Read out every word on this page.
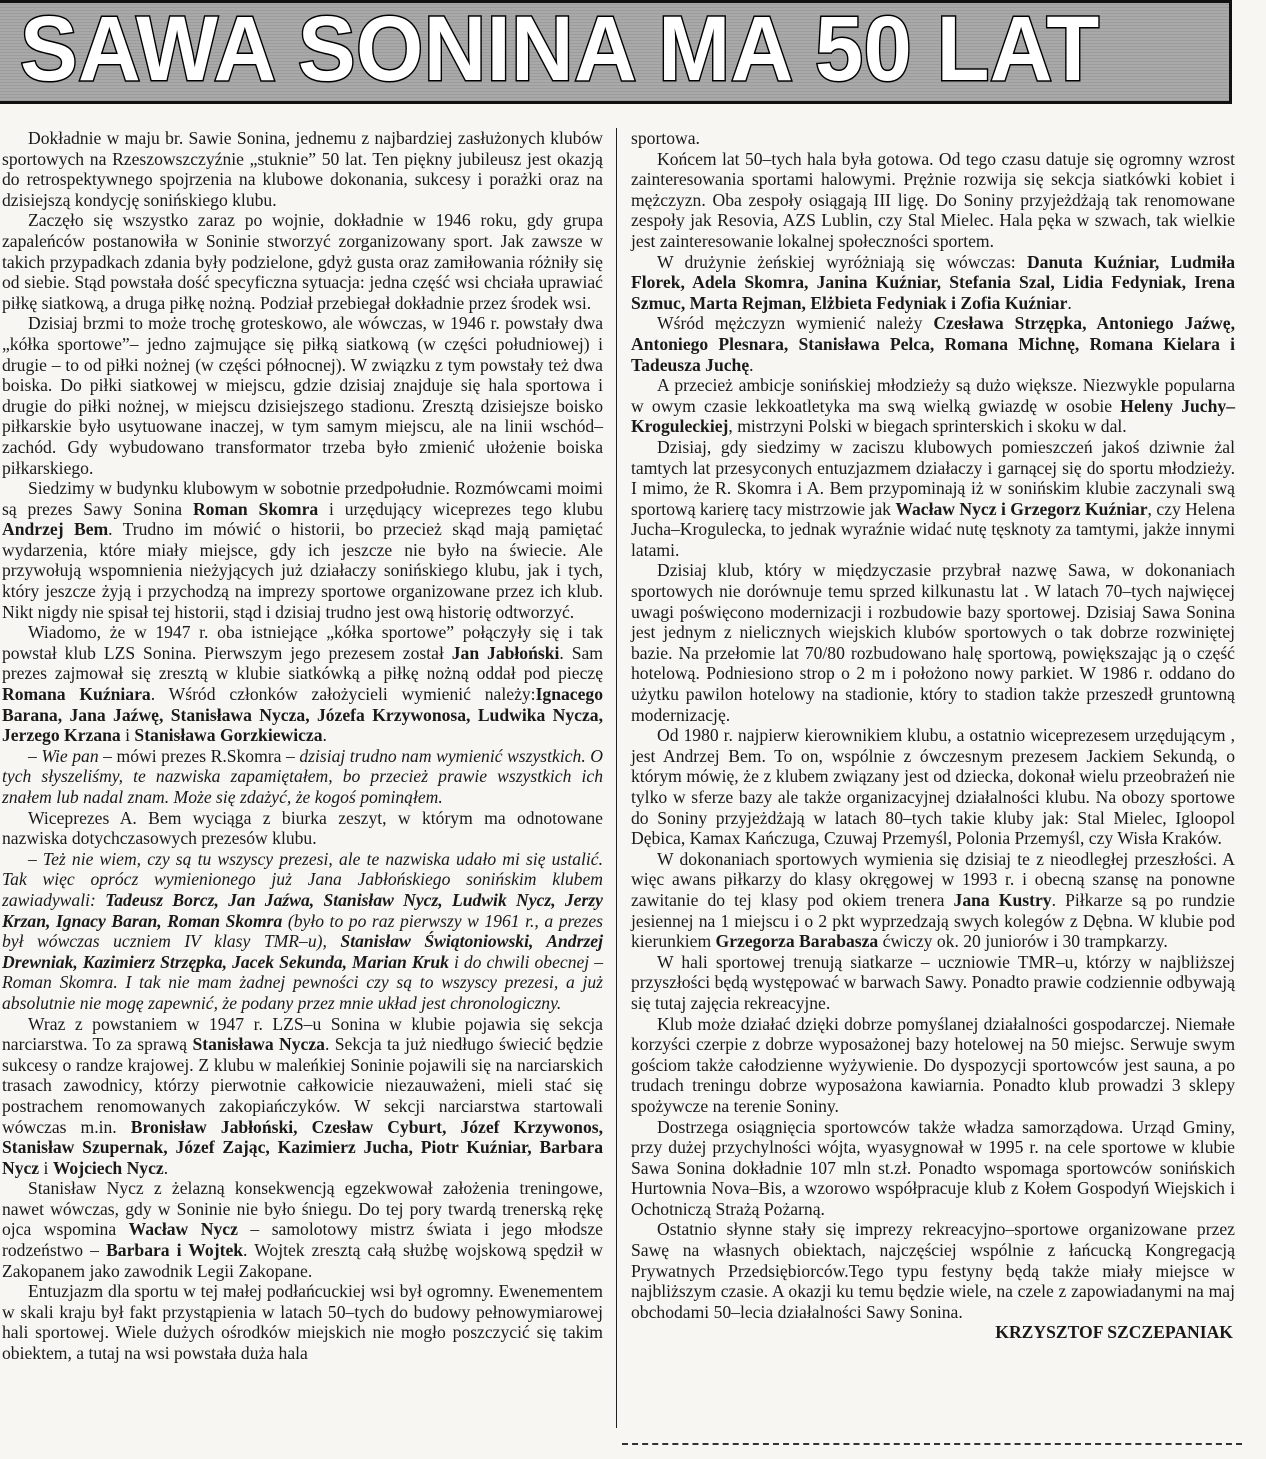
SAWA SONINA MA 50 LAT

Dokładnie w maju br. Sawie Sonina, jednemu z najbardziej zasłużonych klubów sportowych na Rzeszowszczyźnie „stuknie” 50 lat. Ten piękny jubileusz jest okazją do retrospektywnego spojrzenia na klubowe dokonania, sukcesy i porażki oraz na dzisiejszą kondycję sonińskiego klubu.

Zaczęło się wszystko zaraz po wojnie, dokładnie w 1946 roku, gdy grupa zapaleńców postanowiła w Soninie stworzyć zorganizowany sport. Jak zawsze w takich przypadkach zdania były podzielone, gdyż gusta oraz zamiłowania różniły się od siebie. Stąd powstała dość specyficzna sytuacja: jedna część wsi chciała uprawiać piłkę siatkową, a druga piłkę nożną. Podział przebiegał dokładnie przez środek wsi.

Dzisiaj brzmi to może trochę groteskowo, ale wówczas, w 1946 r. powstały dwa „kółka sportowe”– jedno zajmujące się piłką siatkową (w części południowej) i drugie – to od piłki nożnej (w części północnej). W związku z tym powstały też dwa boiska. Do piłki siatkowej w miejscu, gdzie dzisiaj znajduje się hala sportowa i drugie do piłki nożnej, w miejscu dzisiejszego stadionu. Zresztą dzisiejsze boisko piłkarskie było usytuowane inaczej, w tym samym miejscu, ale na linii wschód–zachód. Gdy wybudowano transformator trzeba było zmienić ułożenie boiska piłkarskiego.

Siedzimy w budynku klubowym w sobotnie przedpołudnie. Rozmówcami moimi są prezes Sawy Sonina Roman Skomra i urzędujący wiceprezes tego klubu Andrzej Bem. Trudno im mówić o historii, bo przecież skąd mają pamiętać wydarzenia, które miały miejsce, gdy ich jeszcze nie było na świecie. Ale przywołują wspomnienia nieżyjących już działaczy sonińskiego klubu, jak i tych, który jeszcze żyją i przychodzą na imprezy sportowe organizowane przez ich klub. Nikt nigdy nie spisał tej historii, stąd i dzisiaj trudno jest ową historię odtworzyć.

Wiadomo, że w 1947 r. oba istniejące „kółka sportowe” połączyły się i tak powstał klub LZS Sonina. Pierwszym jego prezesem został Jan Jabłoński. Sam prezes zajmował się zresztą w klubie siatkówką a piłkę nożną oddał pod pieczę Romana Kuźniara. Wśród członków założycieli wymienić należy:Ignacego Barana, Jana Jaźwę, Stanisława Nycza, Józefa Krzywonosa, Ludwika Nycza, Jerzego Krzana i Stanisława Gorzkiewicza.

– Wie pan – mówi prezes R.Skomra – dzisiaj trudno nam wymienić wszystkich. O tych słyszeliśmy, te nazwiska zapamiętałem, bo przecież prawie wszystkich ich znałem lub nadal znam. Może się zdażyć, że kogoś pominąłem.

Wiceprezes A. Bem wyciąga z biurka zeszyt, w którym ma odnotowane nazwiska dotychczasowych prezesów klubu.

– Też nie wiem, czy są tu wszyscy prezesi, ale te nazwiska udało mi się ustalić. Tak więc oprócz wymienionego już Jana Jabłońskiego sonińskim klubem zawiadywali: Tadeusz Borcz, Jan Jaźwa, Stanisław Nycz, Ludwik Nycz, Jerzy Krzan, Ignacy Baran, Roman Skomra (było to po raz pierwszy w 1961 r., a prezes był wówczas uczniem IV klasy TMR–u), Stanisław Świątoniowski, Andrzej Drewniak, Kazimierz Strzępka, Jacek Sekunda, Marian Kruk i do chwili obecnej – Roman Skomra. I tak nie mam żadnej pewności czy są to wszyscy prezesi, a już absolutnie nie mogę zapewnić, że podany przez mnie układ jest chronologiczny.

Wraz z powstaniem w 1947 r. LZS–u Sonina w klubie pojawia się sekcja narciarstwa. To za sprawą Stanisława Nycza. Sekcja ta już niedługo świecić będzie sukcesy o randze krajowej. Z klubu w maleńkiej Soninie pojawili się na narciarskich trasach zawodnicy, którzy pierwotnie całkowicie niezauważeni, mieli stać się postrachem renomowanych zakopiańczyków. W sekcji narciarstwa startowali wówczas m.in. Bronisław Jabłoński, Czesław Cyburt, Józef Krzywonos, Stanisław Szupernak, Józef Zając, Kazimierz Jucha, Piotr Kuźniar, Barbara Nycz i Wojciech Nycz.

Stanisław Nycz z żelazną konsekwencją egzekwował założenia treningowe, nawet wówczas, gdy w Soninie nie było śniegu. Do tej pory twardą trenerską rękę ojca wspomina Wacław Nycz – samolotowy mistrz świata i jego młodsze rodzeństwo – Barbara i Wojtek. Wojtek zresztą całą służbę wojskową spędził w Zakopanem jako zawodnik Legii Zakopane.

Entuzjazm dla sportu w tej małej podłańcuckiej wsi był ogromny. Ewenementem w skali kraju był fakt przystąpienia w latach 50–tych do budowy pełnowymiarowej hali sportowej. Wiele dużych ośrodków miejskich nie mogło poszczycić się takim obiektem, a tutaj na wsi powstała duża hala

sportowa.

Końcem lat 50–tych hala była gotowa. Od tego czasu datuje się ogromny wzrost zainteresowania sportami halowymi. Prężnie rozwija się sekcja siatkówki kobiet i mężczyzn. Oba zespoły osiągają III ligę. Do Soniny przyjeżdżają tak renomowane zespoły jak Resovia, AZS Lublin, czy Stal Mielec. Hala pęka w szwach, tak wielkie jest zainteresowanie lokalnej społeczności sportem.

W drużynie żeńskiej wyróżniają się wówczas: Danuta Kuźniar, Ludmiła Florek, Adela Skomra, Janina Kuźniar, Stefania Szal, Lidia Fedyniak, Irena Szmuc, Marta Rejman, Elżbieta Fedyniak i Zofia Kuźniar.

Wśród mężczyzn wymienić należy Czesława Strzępka, Antoniego Jaźwę, Antoniego Plesnara, Stanisława Pelca, Romana Michnę, Romana Kielara i Tadeusza Juchę.

A przecież ambicje sonińskiej młodzieży są dużo większe. Niezwykle popularna w owym czasie lekkoatletyka ma swą wielką gwiazdę w osobie Heleny Juchy–Kroguleckiej, mistrzyni Polski w biegach sprinterskich i skoku w dal.

Dzisiaj, gdy siedzimy w zaciszu klubowych pomieszczeń jakoś dziwnie żal tamtych lat przesyconych entuzjazmem działaczy i garnącej się do sportu młodzieży. I mimo, że R. Skomra i A. Bem przypominają iż w sonińskim klubie zaczynali swą sportową karierę tacy mistrzowie jak Wacław Nycz i Grzegorz Kuźniar, czy Helena Jucha–Krogulecka, to jednak wyraźnie widać nutę tęsknoty za tamtymi, jakże innymi latami.

Dzisiaj klub, który w międzyczasie przybrał nazwę Sawa, w dokonaniach sportowych nie dorównuje temu sprzed kilkunastu lat . W latach 70–tych najwięcej uwagi poświęcono modernizacji i rozbudowie bazy sportowej. Dzisiaj Sawa Sonina jest jednym z nielicznych wiejskich klubów sportowych o tak dobrze rozwiniętej bazie. Na przełomie lat 70/80 rozbudowano halę sportową, powiększając ją o część hotelową. Podniesiono strop o 2 m i położono nowy parkiet. W 1986 r. oddano do użytku pawilon hotelowy na stadionie, który to stadion także przeszedł gruntowną modernizację.

Od 1980 r. najpierw kierownikiem klubu, a ostatnio wiceprezesem urzędującym , jest Andrzej Bem. To on, wspólnie z ówczesnym prezesem Jackiem Sekundą, o którym mówię, że z klubem związany jest od dziecka, dokonał wielu przeobrażeń nie tylko w sferze bazy ale także organizacyjnej działalności klubu. Na obozy sportowe do Soniny przyjeżdżają w latach 80–tych takie kluby jak: Stal Mielec, Igloopol Dębica, Kamax Kańczuga, Czuwaj Przemyśl, Polonia Przemyśl, czy Wisła Kraków.

W dokonaniach sportowych wymienia się dzisiaj te z nieodległej przeszłości. A więc awans piłkarzy do klasy okręgowej w 1993 r. i obecną szansę na ponowne zawitanie do tej klasy pod okiem trenera Jana Kustry. Piłkarze są po rundzie jesiennej na 1 miejscu i o 2 pkt wyprzedzają swych kolegów z Dębna. W klubie pod kierunkiem Grzegorza Barabasza ćwiczy ok. 20 juniorów i 30 trampkarzy.

W hali sportowej trenują siatkarze – uczniowie TMR–u, którzy w najbliższej przyszłości będą występować w barwach Sawy. Ponadto prawie codziennie odbywają się tutaj zajęcia rekreacyjne.

Klub może działać dzięki dobrze pomyślanej działalności gospodarczej. Niemałe korzyści czerpie z dobrze wyposażonej bazy hotelowej na 50 miejsc. Serwuje swym gościom także całodzienne wyżywienie. Do dyspozycji sportowców jest sauna, a po trudach treningu dobrze wyposażona kawiarnia. Ponadto klub prowadzi 3 sklepy spożywcze na terenie Soniny.

Dostrzega osiągnięcia sportowców także władza samorządowa. Urząd Gminy, przy dużej przychylności wójta, wyasygnował w 1995 r. na cele sportowe w klubie Sawa Sonina dokładnie 107 mln st.zł. Ponadto wspomaga sportowców sonińskich Hurtownia Nova–Bis, a wzorowo współpracuje klub z Kołem Gospodyń Wiejskich i Ochotniczą Strażą Pożarną.

Ostatnio słynne stały się imprezy rekreacyjno–sportowe organizowane przez Sawę na własnych obiektach, najczęściej wspólnie z łańcucką Kongregacją Prywatnych Przedsiębiorców.Tego typu festyny będą także miały miejsce w najbliższym czasie. A okazji ku temu będzie wiele, na czele z zapowiadanymi na maj obchodami 50–lecia działalności Sawy Sonina.

KRZYSZTOF SZCZEPANIAK
